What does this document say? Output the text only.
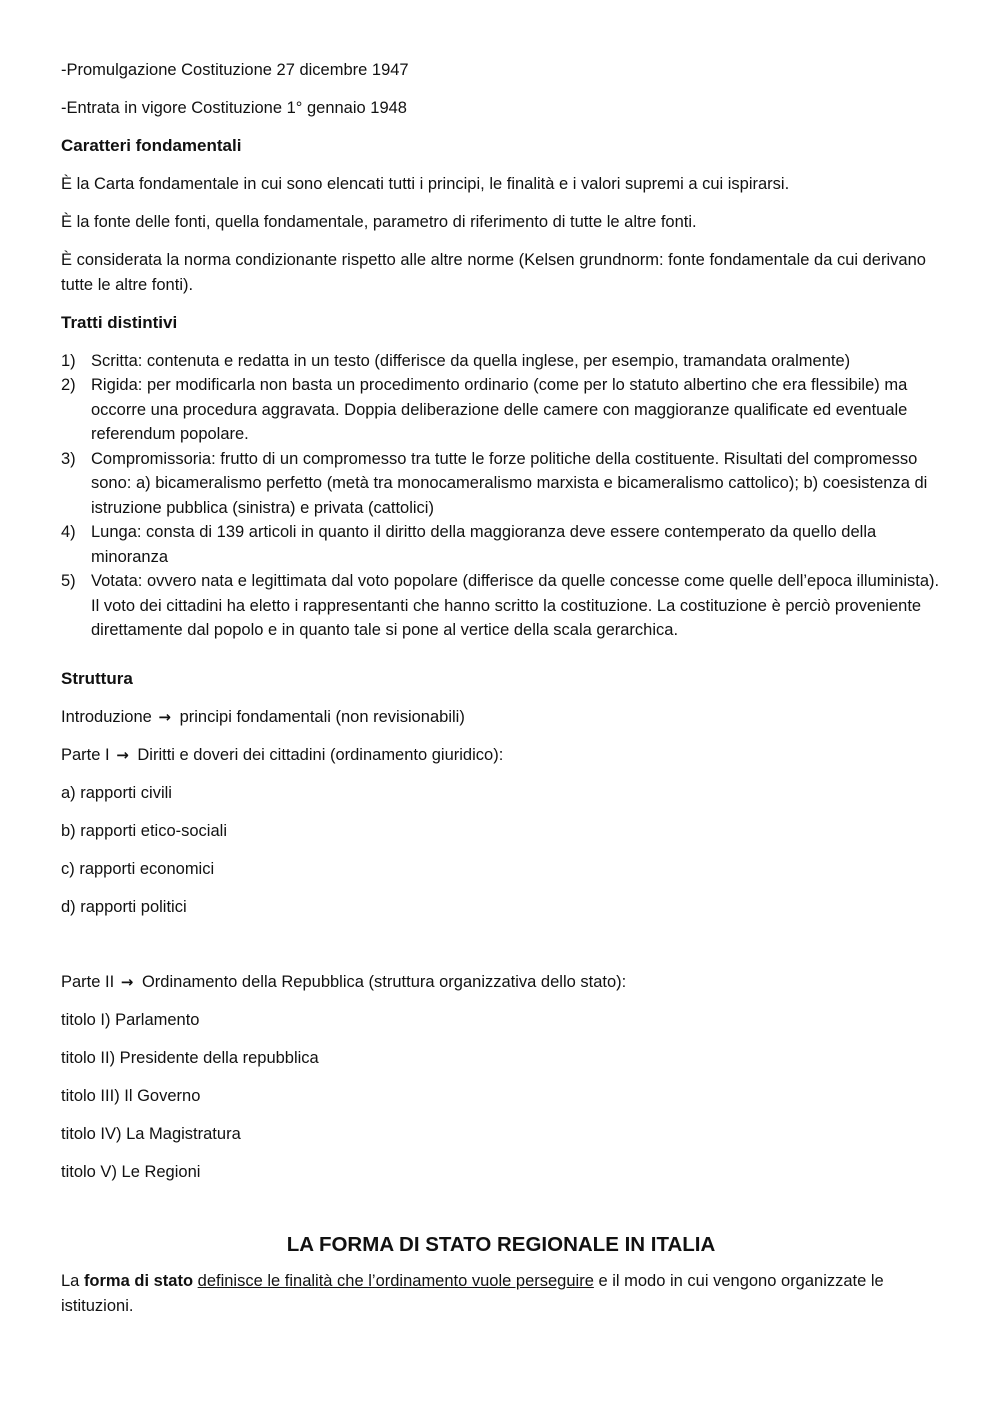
-Promulgazione Costituzione 27 dicembre 1947

-Entrata in vigore Costituzione 1° gennaio 1948

Caratteri fondamentali

È la Carta fondamentale in cui sono elencati tutti i principi, le finalità e i valori supremi a cui ispirarsi.

È la fonte delle fonti, quella fondamentale, parametro di riferimento di tutte le altre fonti.

È considerata la norma condizionante rispetto alle altre norme (Kelsen grundnorm: fonte fondamentale da cui derivano tutte le altre fonti).

Tratti distintivi
1) Scritta: contenuta e redatta in un testo (differisce da quella inglese, per esempio, tramandata oralmente)
2) Rigida: per modificarla non basta un procedimento ordinario (come per lo statuto albertino che era flessibile) ma occorre una procedura aggravata. Doppia deliberazione delle camere con maggioranze qualificate ed eventuale referendum popolare.
3) Compromissoria: frutto di un compromesso tra tutte le forze politiche della costituente. Risultati del compromesso sono: a) bicameralismo perfetto (metà tra monocameralismo marxista e bicameralismo cattolico); b) coesistenza di istruzione pubblica (sinistra) e privata (cattolici)
4) Lunga: consta di 139 articoli in quanto il diritto della maggioranza deve essere contemperato da quello della minoranza
5) Votata: ovvero nata e legittimata dal voto popolare (differisce da quelle concesse come quelle dell’epoca illuminista). Il voto dei cittadini ha eletto i rappresentanti che hanno scritto la costituzione. La costituzione è perciò proveniente direttamente dal popolo e in quanto tale si pone al vertice della scala gerarchica.
Struttura

Introduzione → principi fondamentali (non revisionabili)

Parte I → Diritti e doveri dei cittadini (ordinamento giuridico):

a) rapporti civili

b) rapporti etico-sociali

c) rapporti economici

d) rapporti politici

Parte II → Ordinamento della Repubblica (struttura organizzativa dello stato):

titolo I) Parlamento

titolo II) Presidente della repubblica

titolo III) Il Governo

titolo IV) La Magistratura

titolo V) Le Regioni

LA FORMA DI STATO REGIONALE IN ITALIA

La forma di stato definisce le finalità che l’ordinamento vuole perseguire e il modo in cui vengono organizzate le istituzioni.
